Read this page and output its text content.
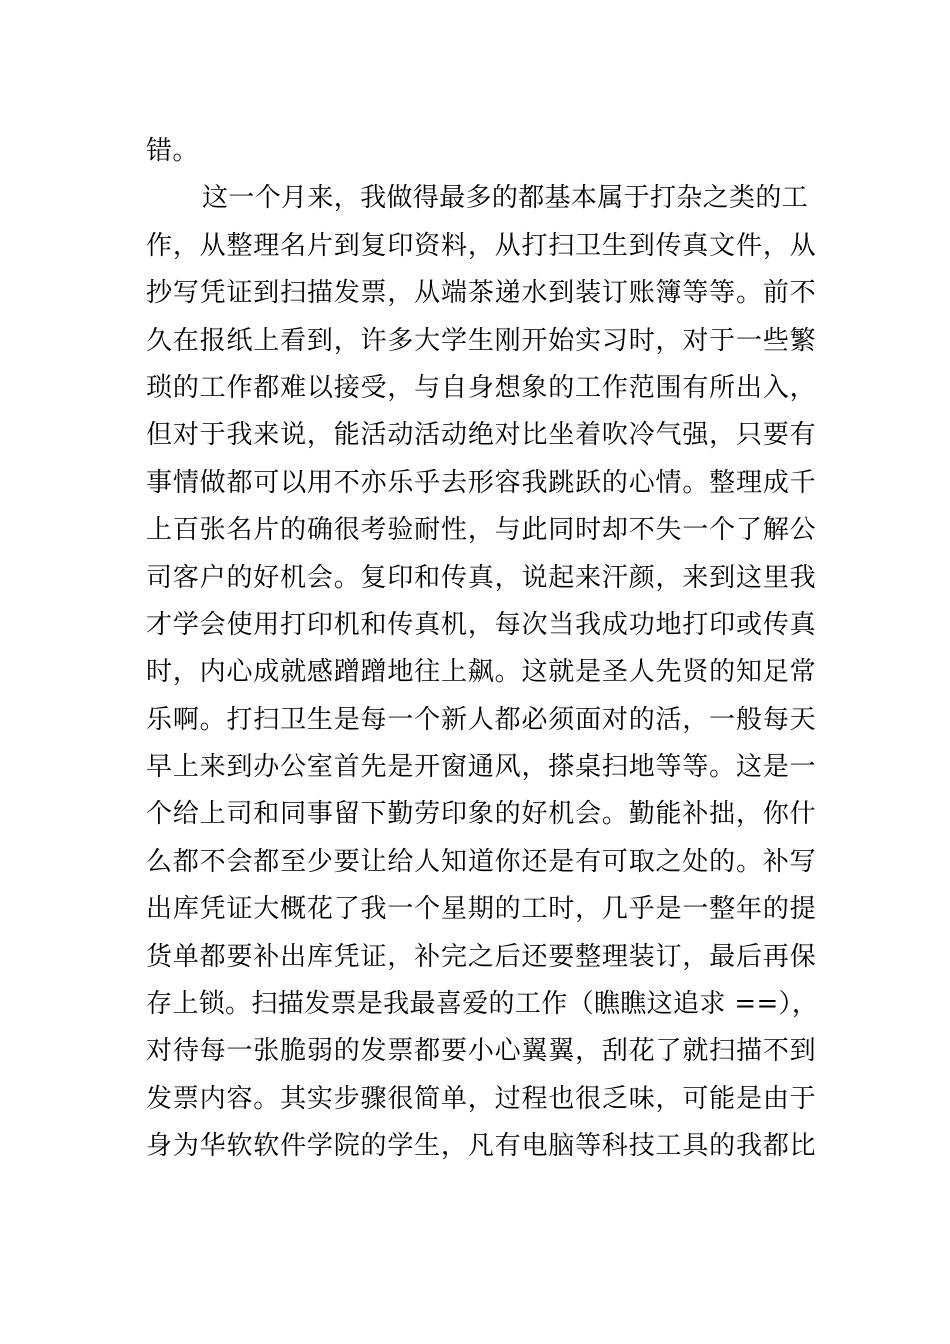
错。
这一个月来，我做得最多的都基本属于打杂之类的工
作，从整理名片到复印资料，从打扫卫生到传真文件，从
抄写凭证到扫描发票，从端茶递水到装订账簿等等。前不
久在报纸上看到，许多大学生刚开始实习时，对于一些繁
琐的工作都难以接受，与自身想象的工作范围有所出入，
但对于我来说，能活动活动绝对比坐着吹冷气强，只要有
事情做都可以用不亦乐乎去形容我跳跃的心情。整理成千
上百张名片的确很考验耐性，与此同时却不失一个了解公
司客户的好机会。复印和传真，说起来汗颜，来到这里我
才学会使用打印机和传真机，每次当我成功地打印或传真
时，内心成就感蹭蹭地往上飙。这就是圣人先贤的知足常
乐啊。打扫卫生是每一个新人都必须面对的活，一般每天
早上来到办公室首先是开窗通风，搽桌扫地等等。这是一
个给上司和同事留下勤劳印象的好机会。勤能补拙，你什
么都不会都至少要让给人知道你还是有可取之处的。补写
出库凭证大概花了我一个星期的工时，几乎是一整年的提
货单都要补出库凭证，补完之后还要整理装订，最后再保
存上锁。扫描发票是我最喜爱的工作（瞧瞧这追求 ==），
对待每一张脆弱的发票都要小心翼翼，刮花了就扫描不到
发票内容。其实步骤很简单，过程也很乏味，可能是由于
身为华软软件学院的学生，凡有电脑等科技工具的我都比
